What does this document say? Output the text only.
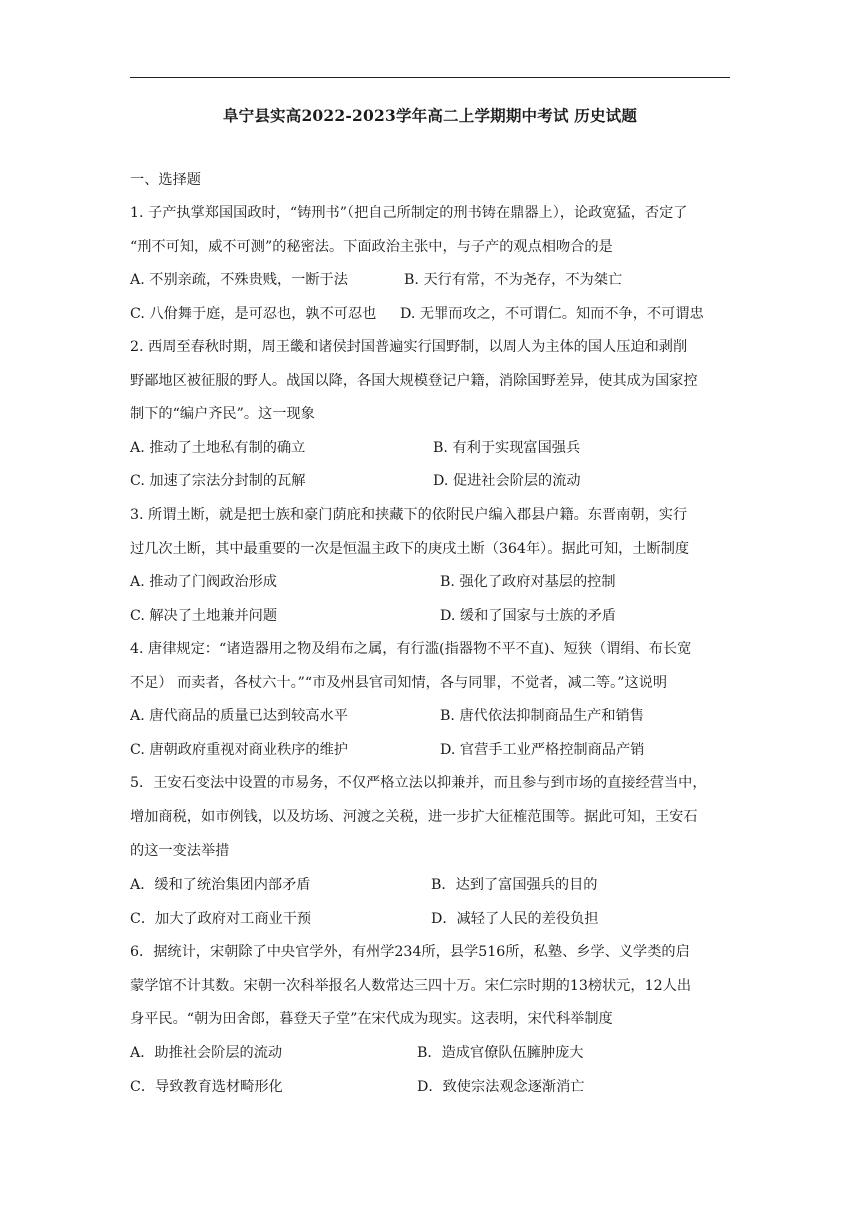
阜宁县实高2022-2023学年高二上学期期中考试 历史试题
一、选择题
1. 子产执掌郑国国政时，“铸刑书”（把自己所制定的刑书铸在鼎器上），论政宽猛，否定了
“刑不可知，威不可测”的秘密法。下面政治主张中，与子产的观点相吻合的是
A. 不别亲疏，不殊贵贱，一断于法	B. 天行有常，不为尧存，不为桀亡
C. 八佾舞于庭，是可忍也，孰不可忍也 D. 无罪而攻之，不可谓仁。知而不争，不可谓忠
2. 西周至春秋时期，周王畿和诸侯封国普遍实行国野制，以周人为主体的国人压迫和剥削
野鄙地区被征服的野人。战国以降，各国大规模登记户籍，消除国野差异，使其成为国家控
制下的“编户齐民”。这一现象
A. 推动了土地私有制的确立	B. 有利于实现富国强兵
C. 加速了宗法分封制的瓦解	D. 促进社会阶层的流动
3. 所谓土断，就是把士族和豪门荫庇和挟藏下的依附民户编入郡县户籍。东晋南朝，实行
过几次土断，其中最重要的一次是恒温主政下的庚戌土断（364年）。据此可知，土断制度
A. 推动了门阀政治形成	B. 强化了政府对基层的控制
C. 解决了土地兼并问题	D. 缓和了国家与士族的矛盾
4. 唐律规定：“诸造器用之物及绢布之属，有行滥(指器物不平不直)、短狭（谓绢、布长宽
不足） 而卖者，各杖六十。”“市及州县官司知情，各与同罪，不觉者，减二等。”这说明
A. 唐代商品的质量已达到较高水平	B. 唐代依法抑制商品生产和销售
C. 唐朝政府重视对商业秩序的维护	D. 官营手工业严格控制商品产销
5．王安石变法中设置的市易务，不仅严格立法以抑兼并，而且参与到市场的直接经营当中，
增加商税，如市例钱，以及坊场、河渡之关税，进一步扩大征榷范围等。据此可知，王安石
的这一变法举措
A．缓和了统治集团内部矛盾	B．达到了富国强兵的目的
C．加大了政府对工商业干预	D．减轻了人民的差役负担
6．据统计，宋朝除了中央官学外，有州学234所，县学516所，私塾、乡学、义学类的启
蒙学馆不计其数。宋朝一次科举报名人数常达三四十万。宋仁宗时期的13榜状元，12人出
身平民。“朝为田舍郎，暮登天子堂”在宋代成为现实。这表明，宋代科举制度
A．助推社会阶层的流动	B．造成官僚队伍臃肿庞大
C．导致教育选材畸形化	D．致使宗法观念逐渐消亡
